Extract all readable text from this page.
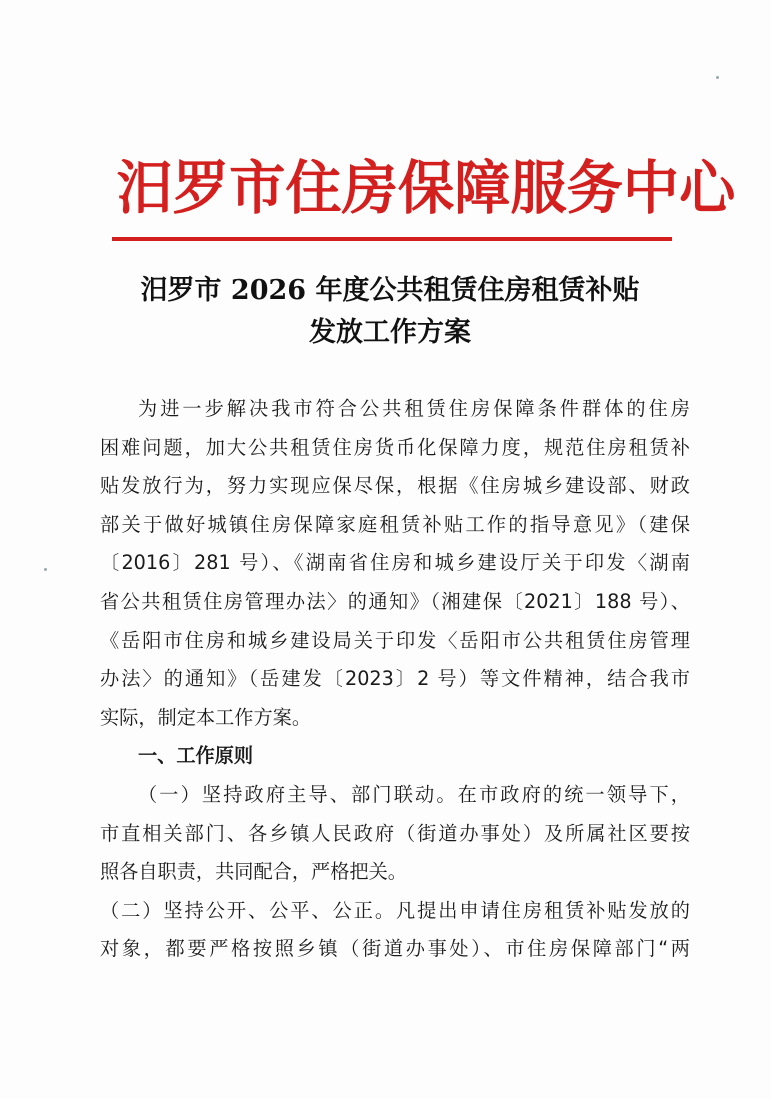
汨罗市住房保障服务中心
汨罗市 2026 年度公共租赁住房租赁补贴
发放工作方案

为进一步解决我市符合公共租赁住房保障条件群体的住房
困难问题，加大公共租赁住房货币化保障力度，规范住房租赁补
贴发放行为，努力实现应保尽保，根据《住房城乡建设部、财政
部关于做好城镇住房保障家庭租赁补贴工作的指导意见》（建保
〔2016〕281 号）、《湖南省住房和城乡建设厅关于印发〈湖南
省公共租赁住房管理办法〉的通知》（湘建保〔2021〕188 号）、
《岳阳市住房和城乡建设局关于印发〈岳阳市公共租赁住房管理
办法〉的通知》（岳建发〔2023〕2 号）等文件精神，结合我市
实际，制定本工作方案。

一、工作原则

（一）坚持政府主导、部门联动。在市政府的统一领导下，
市直相关部门、各乡镇人民政府（街道办事处）及所属社区要按
照各自职责，共同配合，严格把关。

（二）坚持公开、公平、公正。凡提出申请住房租赁补贴发放的
对象，都要严格按照乡镇（街道办事处）、市住房保障部门“两
